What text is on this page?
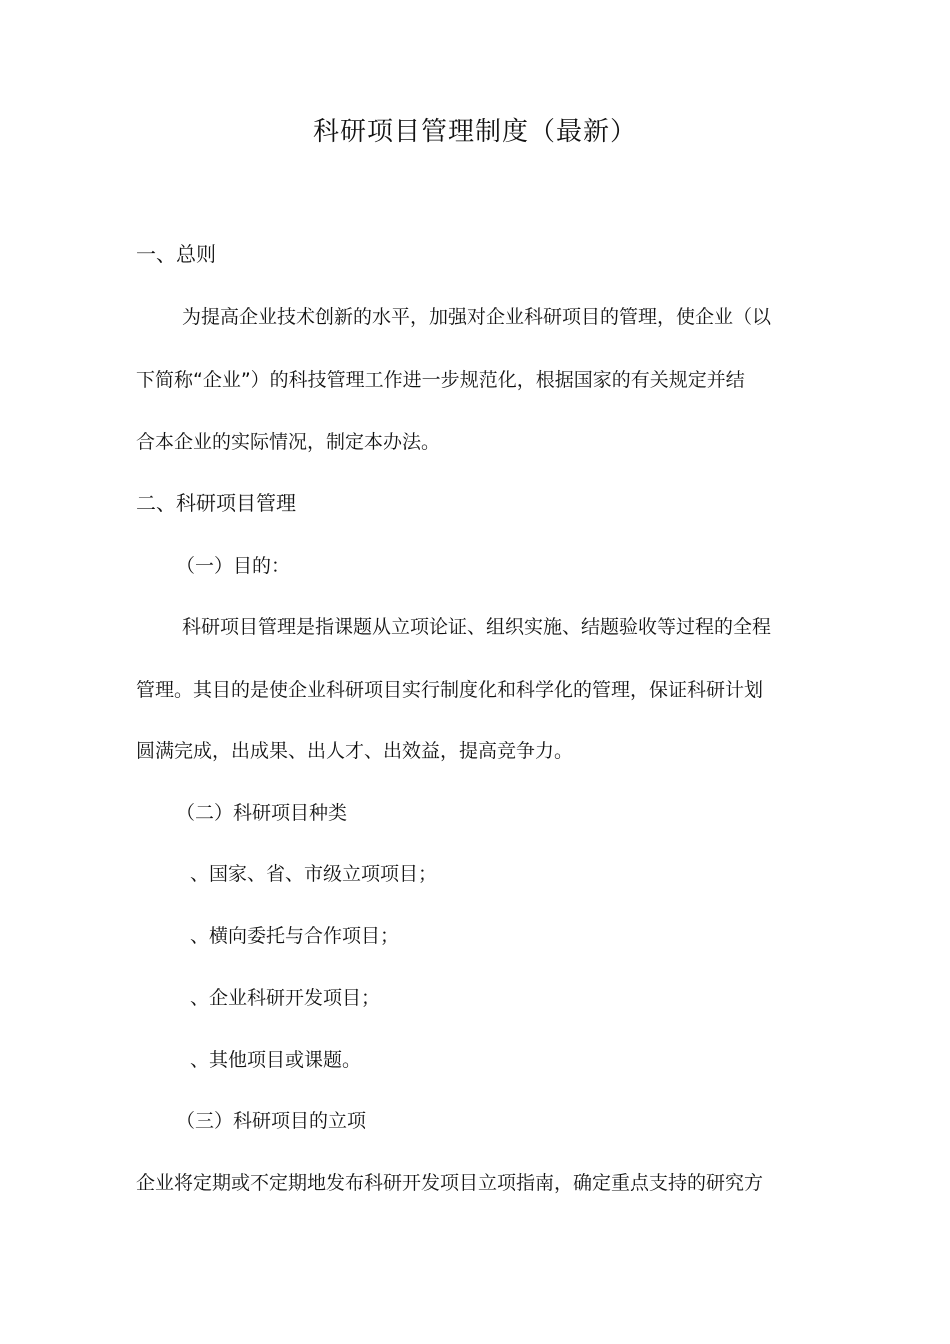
科研项目管理制度（最新）
一、总则
为提高企业技术创新的水平，加强对企业科研项目的管理，使企业（以
下简称“企业”）的科技管理工作进一步规范化，根据国家的有关规定并结
合本企业的实际情况，制定本办法。
二、科研项目管理
（一）目的：
科研项目管理是指课题从立项论证、组织实施、结题验收等过程的全程
管理。其目的是使企业科研项目实行制度化和科学化的管理，保证科研计划
圆满完成，出成果、出人才、出效益，提高竞争力。
（二）科研项目种类
、国家、省、市级立项项目；
、横向委托与合作项目；
、企业科研开发项目；
、其他项目或课题。
（三）科研项目的立项
企业将定期或不定期地发布科研开发项目立项指南，确定重点支持的研究方
